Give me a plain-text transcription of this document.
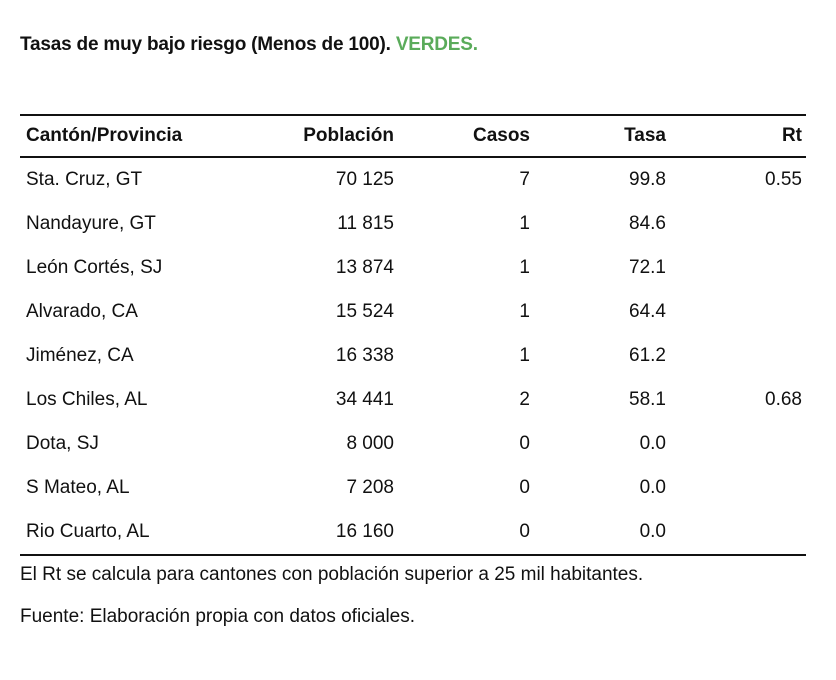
Tasas de muy bajo riesgo (Menos de 100). VERDES.
Cantón/Provincia	Población	Casos	Tasa	Rt
Sta. Cruz, GT	70 125	7	99.8	0.55
Nandayure, GT	11 815	1	84.6	
León Cortés, SJ	13 874	1	72.1	
Alvarado, CA	15 524	1	64.4	
Jiménez, CA	16 338	1	61.2	
Los Chiles, AL	34 441	2	58.1	0.68
Dota, SJ	8 000	0	0.0	
S Mateo, AL	7 208	0	0.0	
Rio Cuarto, AL	16 160	0	0.0	
El Rt se calcula para cantones con población superior a 25 mil habitantes.
Fuente: Elaboración propia con datos oficiales.
